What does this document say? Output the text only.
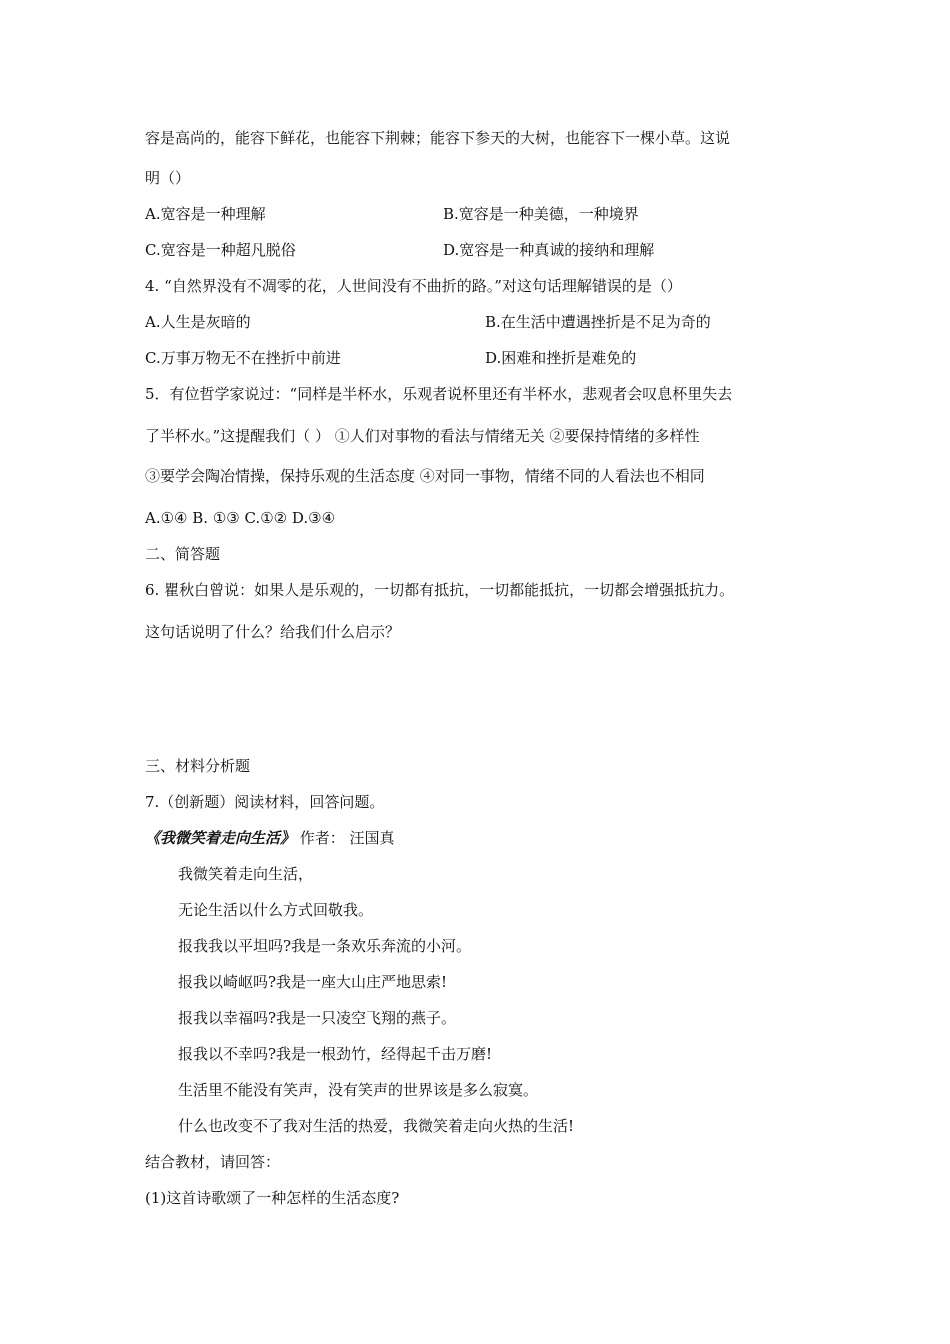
容是高尚的，能容下鲜花，也能容下荆棘；能容下参天的大树，也能容下一棵小草。这说
明（）
A.宽容是一种理解	B.宽容是一种美德，一种境界
C.宽容是一种超凡脱俗	D.宽容是一种真诚的接纳和理解
4. “自然界没有不凋零的花，人世间没有不曲折的路。”对这句话理解错误的是（）
A.人生是灰暗的	B.在生活中遭遇挫折是不足为奇的
C.万事万物无不在挫折中前进	D.困难和挫折是难免的
5．有位哲学家说过：“同样是半杯水，乐观者说杯里还有半杯水，悲观者会叹息杯里失去
了半杯水。”这提醒我们（ ） ①人们对事物的看法与情绪无关 ②要保持情绪的多样性
③要学会陶冶情操，保持乐观的生活态度 ④对同一事物，情绪不同的人看法也不相同
A.①④ B. ①③ C.①② D.③④
二、简答题
6. 瞿秋白曾说：如果人是乐观的，一切都有抵抗，一切都能抵抗，一切都会增强抵抗力。
这句话说明了什么？给我们什么启示？
三、材料分析题
7.（创新题）阅读材料，回答问题。
《我微笑着走向生活》 作者： 汪国真
我微笑着走向生活，
无论生活以什么方式回敬我。
报我我以平坦吗?我是一条欢乐奔流的小河。
报我以崎岖吗?我是一座大山庄严地思索!
报我以幸福吗?我是一只凌空飞翔的燕子。
报我以不幸吗?我是一根劲竹，经得起千击万磨!
生活里不能没有笑声，没有笑声的世界该是多么寂寞。
什么也改变不了我对生活的热爱，我微笑着走向火热的生活!
结合教材，请回答：
(1)这首诗歌颂了一种怎样的生活态度?
